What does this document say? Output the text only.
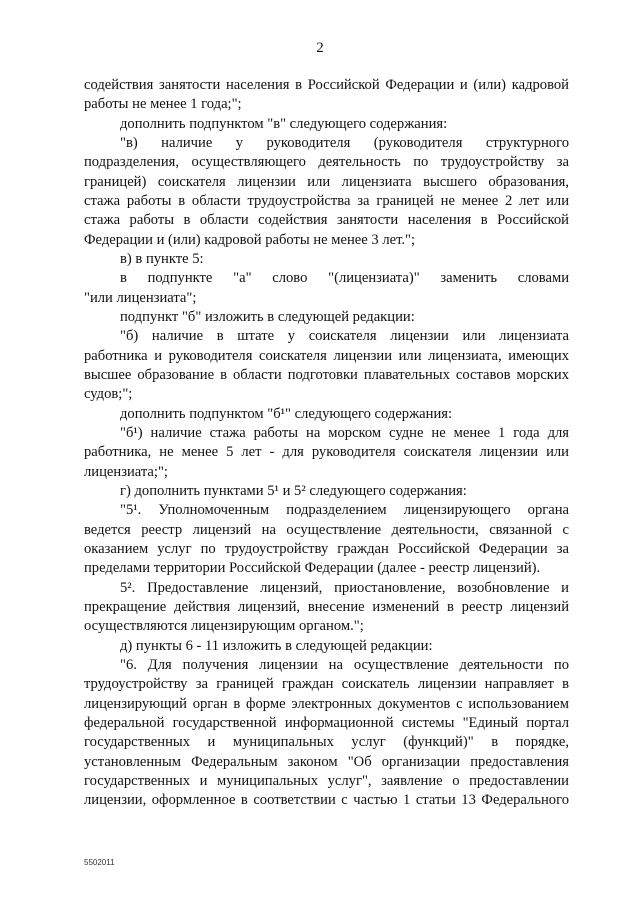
2
содействия занятости населения в Российской Федерации и (или) кадровой
работы не менее 1 года;";
дополнить подпунктом "в" следующего содержания:
"в) наличие у руководителя (руководителя структурного
подразделения, осуществляющего деятельность по трудоустройству за
границей) соискателя лицензии или лицензиата высшего образования,
стажа работы в области трудоустройства за границей не менее 2 лет или
стажа работы в области содействия занятости населения в Российской
Федерации и (или) кадровой работы не менее 3 лет.";
в) в пункте 5:
в подпункте "а" слово "(лицензиата)" заменить словами
"или лицензиата";
подпункт "б" изложить в следующей редакции:
"б) наличие в штате у соискателя лицензии или лицензиата
работника и руководителя соискателя лицензии или лицензиата, имеющих
высшее образование в области подготовки плавательных составов морских
судов;";
дополнить подпунктом "б¹" следующего содержания:
"б¹) наличие стажа работы на морском судне не менее 1 года для
работника, не менее 5 лет - для руководителя соискателя лицензии или
лицензиата;";
г) дополнить пунктами 5¹ и 5² следующего содержания:
"5¹. Уполномоченным подразделением лицензирующего органа
ведется реестр лицензий на осуществление деятельности, связанной с
оказанием услуг по трудоустройству граждан Российской Федерации за
пределами территории Российской Федерации (далее - реестр лицензий).
5². Предоставление лицензий, приостановление, возобновление и
прекращение действия лицензий, внесение изменений в реестр лицензий
осуществляются лицензирующим органом.";
д) пункты 6 - 11 изложить в следующей редакции:
"6. Для получения лицензии на осуществление деятельности по
трудоустройству за границей граждан соискатель лицензии направляет в
лицензирующий орган в форме электронных документов с использованием
федеральной государственной информационной системы "Единый портал
государственных и муниципальных услуг (функций)" в порядке,
установленным Федеральным законом "Об организации предоставления
государственных и муниципальных услуг", заявление о предоставлении
лицензии, оформленное в соответствии с частью 1 статьи 13 Федерального
5502011
